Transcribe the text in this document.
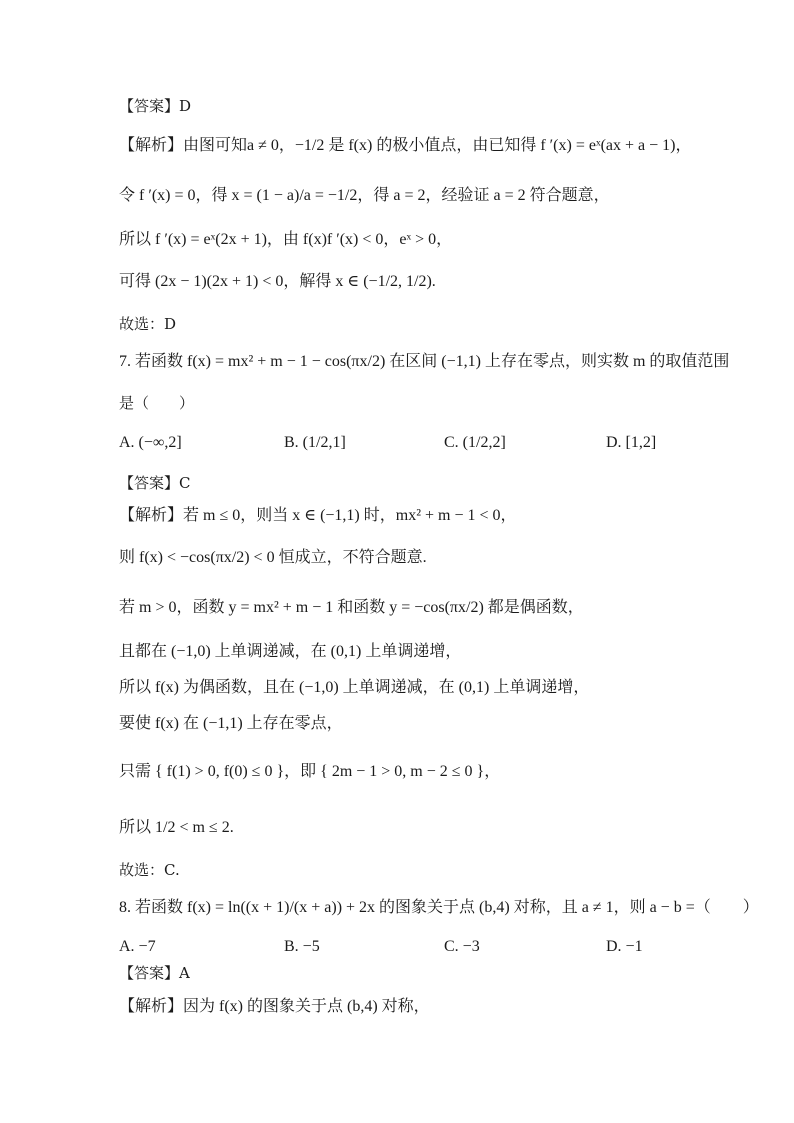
【答案】D
【解析】由图可知a ≠ 0，−1/2 是 f(x) 的极小值点，由已知得 f ′(x) = eˣ(ax + a − 1)，
令 f ′(x) = 0，得 x = (1 − a)/a = −1/2，得 a = 2，经验证 a = 2 符合题意，
所以 f ′(x) = eˣ(2x + 1)，由 f(x)f ′(x) < 0，eˣ > 0，
可得 (2x − 1)(2x + 1) < 0，解得 x ∈ (−1/2, 1/2).
故选：D
7. 若函数 f(x) = mx² + m − 1 − cos(πx/2) 在区间 (−1,1) 上存在零点，则实数 m 的取值范围
是（　　）
A. (−∞,2]	B. (1/2,1]	C. (1/2,2]	D. [1,2]
【答案】C
【解析】若 m ≤ 0，则当 x ∈ (−1,1) 时，mx² + m − 1 < 0，
则 f(x) < −cos(πx/2) < 0 恒成立，不符合题意.
若 m > 0，函数 y = mx² + m − 1 和函数 y = −cos(πx/2) 都是偶函数，
且都在 (−1,0) 上单调递减，在 (0,1) 上单调递增，
所以 f(x) 为偶函数，且在 (−1,0) 上单调递减，在 (0,1) 上单调递增，
要使 f(x) 在 (−1,1) 上存在零点，
只需 { f(1) > 0, f(0) ≤ 0 }，即 { 2m − 1 > 0, m − 2 ≤ 0 }，
所以 1/2 < m ≤ 2.
故选：C.
8. 若函数 f(x) = ln((x + 1)/(x + a)) + 2x 的图象关于点 (b,4) 对称，且 a ≠ 1，则 a − b =（　　）
A. −7	B. −5	C. −3	D. −1
【答案】A
【解析】因为 f(x) 的图象关于点 (b,4) 对称，
